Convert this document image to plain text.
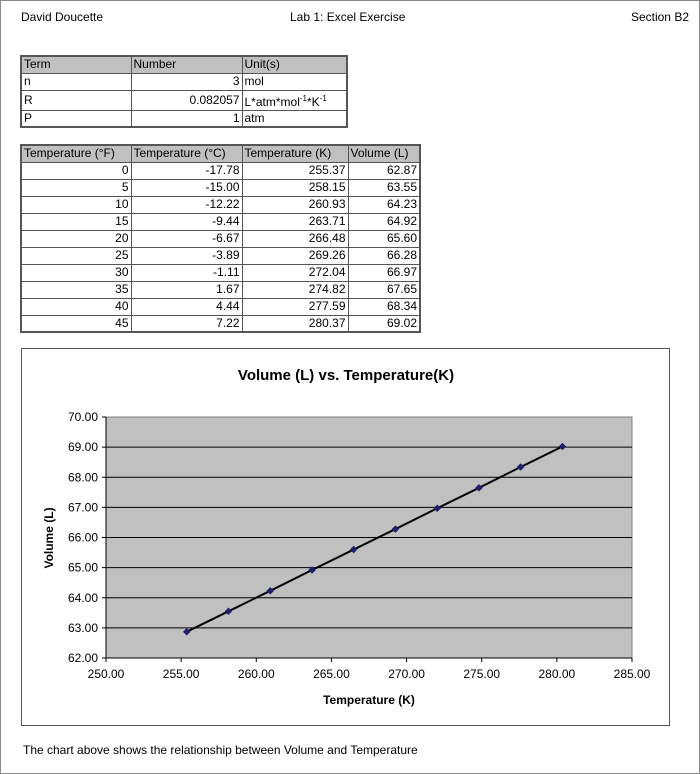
David Doucette	Lab 1: Excel Exercise	Section B2
Term	Number	Unit(s)
n	3	mol
R	0.082057	$L*atm*mol^{-1}*K^{-1}$
P	1	atm
Temperature (°F)	Temperature (°C)	Temperature (K)	Volume (L)
0	-17.78	255.37	62.87
5	-15.00	258.15	63.55
10	-12.22	260.93	64.23
15	-9.44	263.71	64.92
20	-6.67	266.48	65.60
25	-3.89	269.26	66.28
30	-1.11	272.04	66.97
35	1.67	274.82	67.65
40	4.44	277.59	68.34
45	7.22	280.37	69.02
Volume (L) vs. Temperature(K)
250.00	255.00	260.00	265.00	270.00	275.00	280.00	285.00
62.00
63.00
64.00
65.00
66.00
67.00
68.00
69.00
70.00
Temperature (K)
Volume (L)
The chart above shows the relationship between Volume and Temperature
